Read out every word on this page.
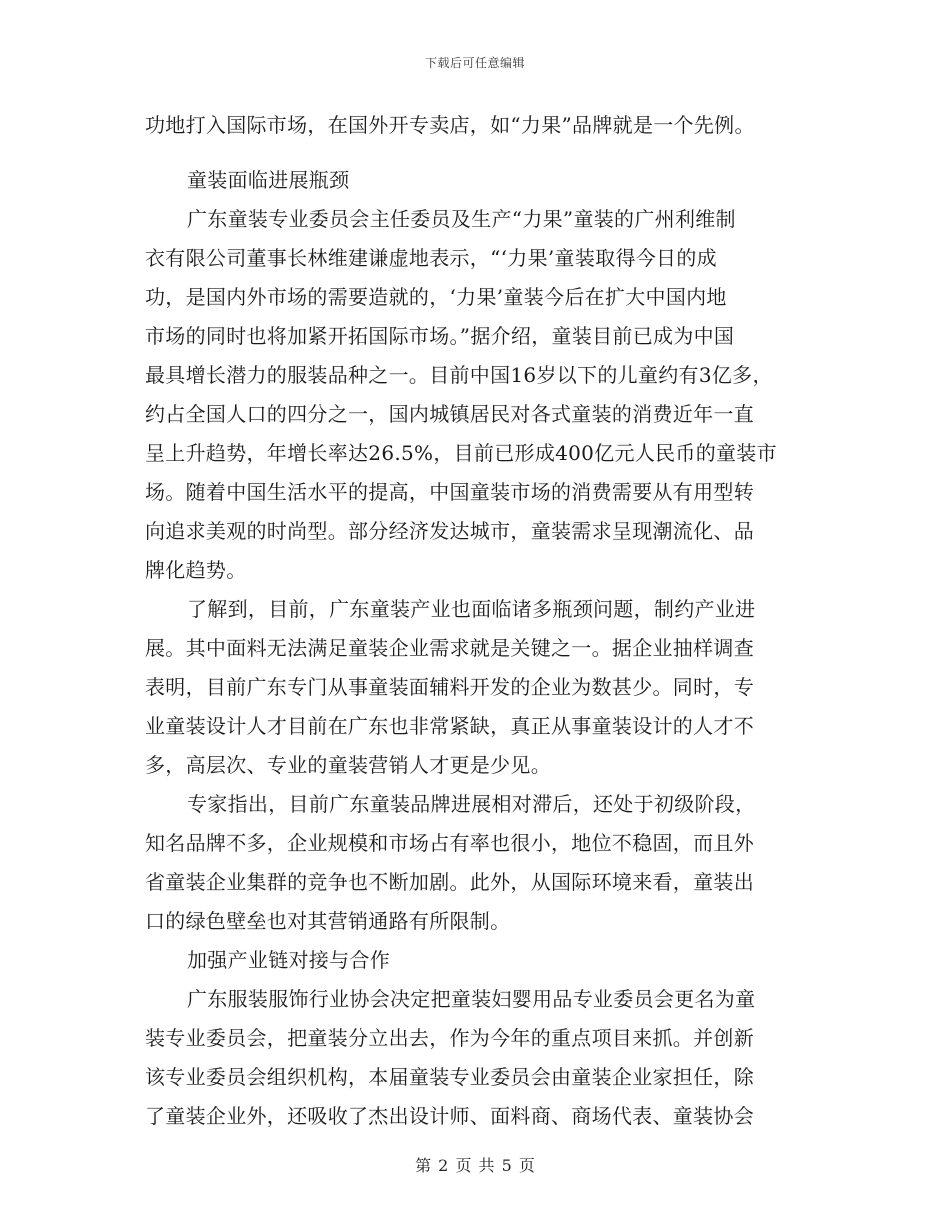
下载后可任意编辑
功地打入国际市场，在国外开专卖店，如“力果”品牌就是一个先例。
童装面临进展瓶颈
广东童装专业委员会主任委员及生产“力果”童装的广州利维制
衣有限公司董事长林维建谦虚地表示，“‘力果’童装取得今日的成
功，是国内外市场的需要造就的，‘力果’童装今后在扩大中国内地
市场的同时也将加紧开拓国际市场。”据介绍，童装目前已成为中国
最具增长潜力的服装品种之一。目前中国16岁以下的儿童约有3亿多，
约占全国人口的四分之一，国内城镇居民对各式童装的消费近年一直
呈上升趋势，年增长率达26.5%，目前已形成400亿元人民币的童装市
场。随着中国生活水平的提高，中国童装市场的消费需要从有用型转
向追求美观的时尚型。部分经济发达城市，童装需求呈现潮流化、品
牌化趋势。
了解到，目前，广东童装产业也面临诸多瓶颈问题，制约产业进
展。其中面料无法满足童装企业需求就是关键之一。据企业抽样调查
表明，目前广东专门从事童装面辅料开发的企业为数甚少。同时，专
业童装设计人才目前在广东也非常紧缺，真正从事童装设计的人才不
多，高层次、专业的童装营销人才更是少见。
专家指出，目前广东童装品牌进展相对滞后，还处于初级阶段，
知名品牌不多，企业规模和市场占有率也很小，地位不稳固，而且外
省童装企业集群的竞争也不断加剧。此外，从国际环境来看，童装出
口的绿色壁垒也对其营销通路有所限制。
加强产业链对接与合作
广东服装服饰行业协会决定把童装妇婴用品专业委员会更名为童
装专业委员会，把童装分立出去，作为今年的重点项目来抓。并创新
该专业委员会组织机构，本届童装专业委员会由童装企业家担任，除
了童装企业外，还吸收了杰出设计师、面料商、商场代表、童装协会
第 2 页 共 5 页
